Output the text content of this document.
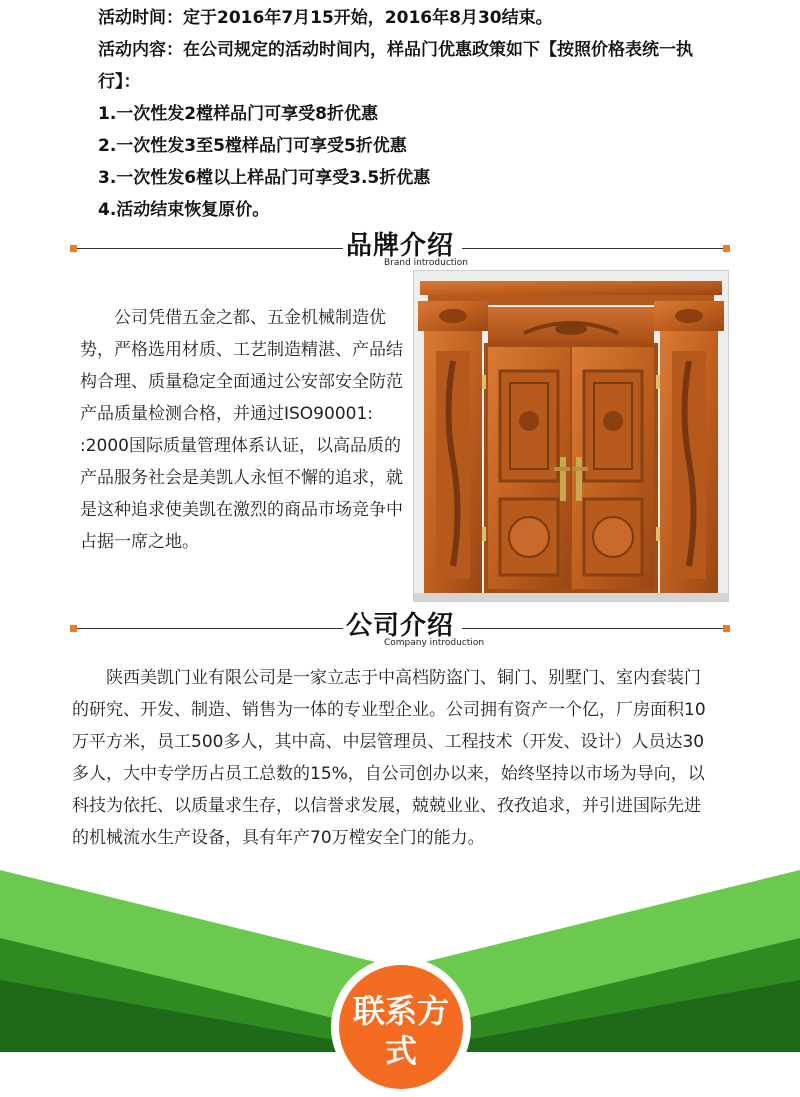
活动时间：定于2016年7月15开始，2016年8月30结束。
活动内容：在公司规定的活动时间内，样品门优惠政策如下【按照价格表统一执行】：
1.一次性发2樘样品门可享受8折优惠
2.一次性发3至5樘样品门可享受5折优惠
3.一次性发6樘以上样品门可享受3.5折优惠
4.活动结束恢复原价。
品牌介绍
Brand introduction
公司凭借五金之都、五金机械制造优势，严格选用材质、工艺制造精湛、产品结构合理、质量稳定全面通过公安部安全防范产品质量检测合格，并通过ISO90001: :2000国际质量管理体系认证，以高品质的产品服务社会是美凯人永恒不懈的追求，就是这种追求使美凯在激烈的商品市场竞争中占据一席之地。
公司介绍
Company introduction
陕西美凯门业有限公司是一家立志于中高档防盗门、铜门、别墅门、室内套装门的研究、开发、制造、销售为一体的专业型企业。公司拥有资产一个亿，厂房面积10万平方米，员工500多人，其中高、中层管理员、工程技术（开发、设计）人员达30多人，大中专学历占员工总数的15%，自公司创办以来，始终坚持以市场为导向，以科技为依托、以质量求生存，以信誉求发展，兢兢业业、孜孜追求，并引进国际先进的机械流水生产设备，具有年产70万樘安全门的能力。
联系方式
